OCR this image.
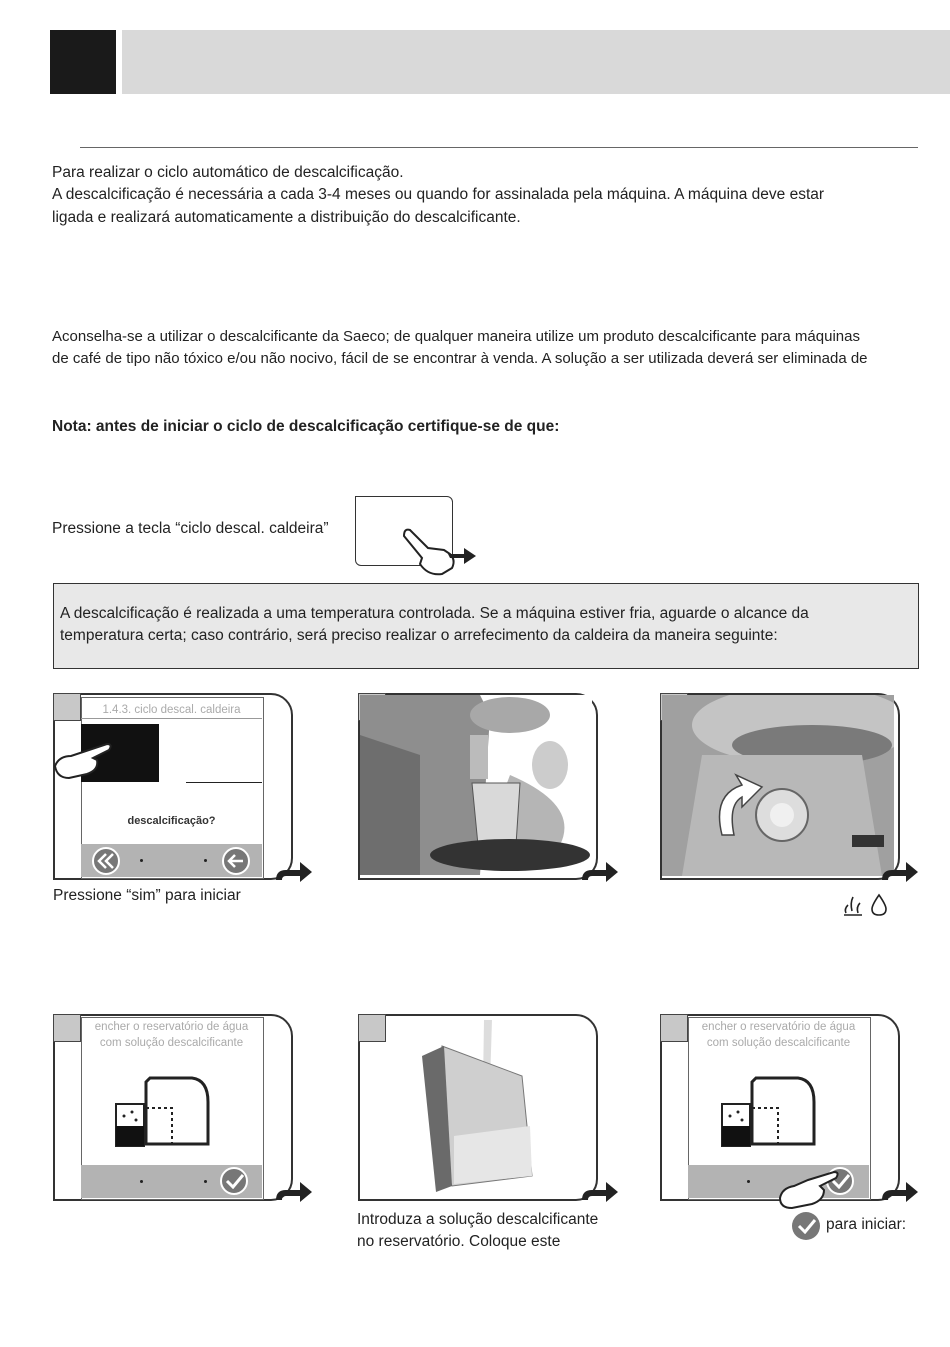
Para realizar o ciclo automático de descalcificação.
A descalcificação é necessária a cada 3-4 meses ou quando for assinalada pela máquina. A máquina deve estar
ligada e realizará automaticamente a distribuição do descalcificante.
Aconselha-se a utilizar o descalcificante da Saeco; de qualquer maneira utilize um produto descalcificante para máquinas
de café de tipo não tóxico e/ou não nocivo, fácil de se encontrar à venda. A solução a ser utilizada deverá ser eliminada de
Nota: antes de iniciar o ciclo de descalcificação certifique-se de que:
Pressione a tecla “ciclo descal. caldeira”
A descalcificação é realizada a uma temperatura controlada. Se a máquina estiver fria, aguarde o alcance da
temperatura certa; caso contrário, será preciso realizar o arrefecimento da caldeira da maneira seguinte:
1.4.3. ciclo descal. caldeira
descalcificação?
Pressione “sim” para iniciar
encher o reservatório de água
com solução descalcificante
Introduza a solução descalcificante
no reservatório. Coloque este
encher o reservatório de água
com solução descalcificante
para iniciar:
